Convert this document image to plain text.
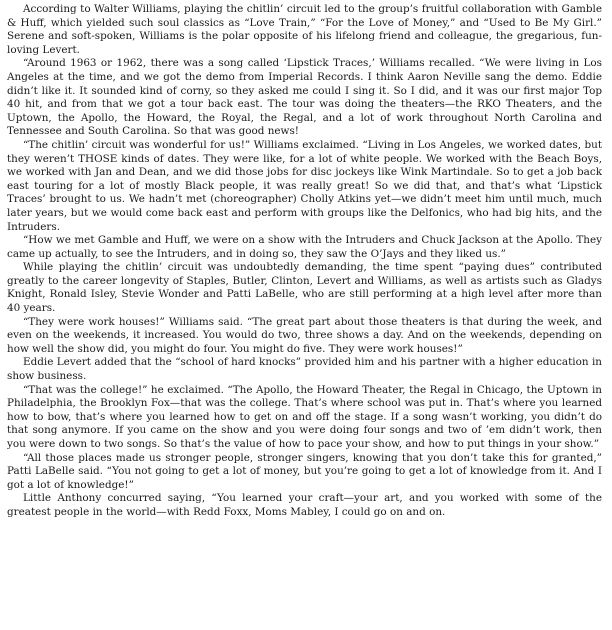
According to Walter Williams, playing the chitlin’ circuit led to the group’s fruitful collaboration with Gamble & Huff, which yielded such soul classics as “Love Train,” “For the Love of Money,” and “Used to Be My Girl.” Serene and soft-spoken, Williams is the polar opposite of his lifelong friend and colleague, the gregarious, fun-loving Levert.

“Around 1963 or 1962, there was a song called ‘Lipstick Traces,’ Williams recalled. “We were living in Los Angeles at the time, and we got the demo from Imperial Records. I think Aaron Neville sang the demo. Eddie didn’t like it. It sounded kind of corny, so they asked me could I sing it. So I did, and it was our first major Top 40 hit, and from that we got a tour back east. The tour was doing the theaters—the RKO Theaters, and the Uptown, the Apollo, the Howard, the Royal, the Regal, and a lot of work throughout North Carolina and Tennessee and South Carolina. So that was good news!

“The chitlin’ circuit was wonderful for us!” Williams exclaimed. “Living in Los Angeles, we worked dates, but they weren’t THOSE kinds of dates. They were like, for a lot of white people. We worked with the Beach Boys, we worked with Jan and Dean, and we did those jobs for disc jockeys like Wink Martindale. So to get a job back east touring for a lot of mostly Black people, it was really great! So we did that, and that’s what ‘Lipstick Traces’ brought to us. We hadn’t met (choreographer) Cholly Atkins yet—we didn’t meet him until much, much later years, but we would come back east and perform with groups like the Delfonics, who had big hits, and the Intruders.

“How we met Gamble and Huff, we were on a show with the Intruders and Chuck Jackson at the Apollo. They came up actually, to see the Intruders, and in doing so, they saw the O’Jays and they liked us.”

While playing the chitlin’ circuit was undoubtedly demanding, the time spent “paying dues” contributed greatly to the career longevity of Staples, Butler, Clinton, Levert and Williams, as well as artists such as Gladys Knight, Ronald Isley, Stevie Wonder and Patti LaBelle, who are still performing at a high level after more than 40 years.

“They were work houses!” Williams said. “The great part about those theaters is that during the week, and even on the weekends, it increased. You would do two, three shows a day. And on the weekends, depending on how well the show did, you might do four. You might do five. They were work houses!”

Eddie Levert added that the “school of hard knocks” provided him and his partner with a higher education in show business.

“That was the college!” he exclaimed. “The Apollo, the Howard Theater, the Regal in Chicago, the Uptown in Philadelphia, the Brooklyn Fox—that was the college. That’s where school was put in. That’s where you learned how to bow, that’s where you learned how to get on and off the stage. If a song wasn’t working, you didn’t do that song anymore. If you came on the show and you were doing four songs and two of ’em didn’t work, then you were down to two songs. So that’s the value of how to pace your show, and how to put things in your show.”

“All those places made us stronger people, stronger singers, knowing that you don’t take this for granted,” Patti LaBelle said. “You not going to get a lot of money, but you’re going to get a lot of knowledge from it. And I got a lot of knowledge!”

Little Anthony concurred saying, “You learned your craft—your art, and you worked with some of the greatest people in the world—with Redd Foxx, Moms Mabley, I could go on and on.
